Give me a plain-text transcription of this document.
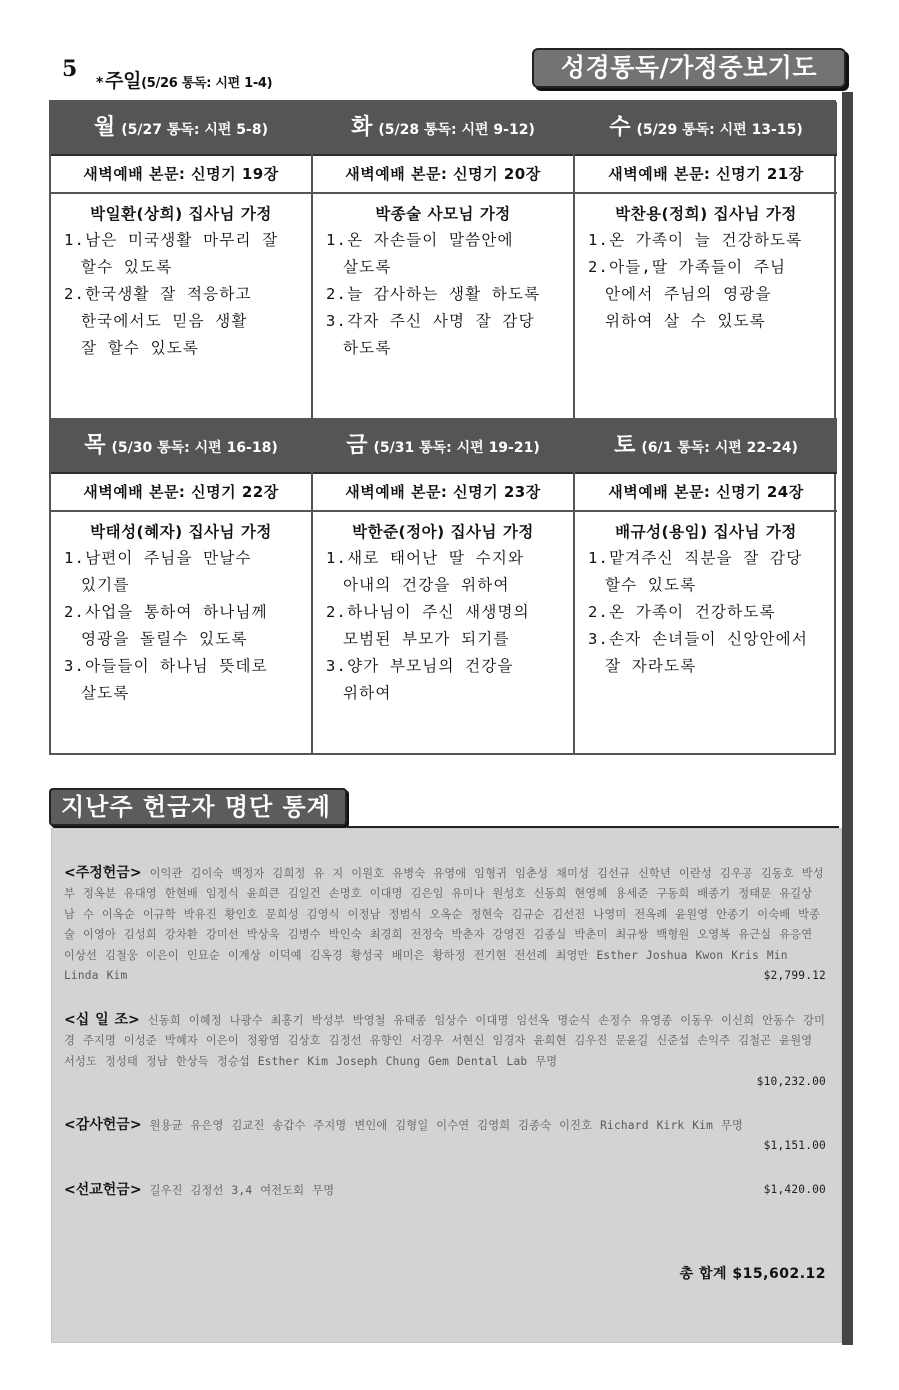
5
* 주일(5/26 통독: 시편 1-4)
성경통독/가정중보기도
월 (5/27 통독: 시편 5-8)
새벽예배 본문: 신명기 19장
박일환(상희) 집사님 가정
1.남은 미국생활 마무리 잘
할수 있도록
2.한국생활 잘 적응하고
한국에서도 믿음 생활
잘 할수 있도록
화 (5/28 통독: 시편 9-12)
새벽예배 본문: 신명기 20장
박종술 사모님 가정
1.온 자손들이 말씀안에
살도록
2.늘 감사하는 생활 하도록
3.각자 주신 사명 잘 감당
하도록
수 (5/29 통독: 시편 13-15)
새벽예배 본문: 신명기 21장
박찬용(정희) 집사님 가정
1.온 가족이 늘 건강하도록
2.아들,딸 가족들이 주님
안에서 주님의 영광을
위하여 살 수 있도록
목 (5/30 통독: 시편 16-18)
새벽예배 본문: 신명기 22장
박태성(혜자) 집사님 가정
1.남편이 주님을 만날수
있기를
2.사업을 통하여 하나님께
영광을 돌릴수 있도록
3.아들들이 하나님 뜻데로
살도록
금 (5/31 통독: 시편 19-21)
새벽예배 본문: 신명기 23장
박한준(정아) 집사님 가정
1.새로 태어난 딸 수지와
아내의 건강을 위하여
2.하나님이 주신 새생명의
모범된 부모가 되기를
3.양가 부모님의 건강을
위하여
토 (6/1 통독: 시편 22-24)
새벽예배 본문: 신명기 24장
배규성(용임) 집사님 가정
1.맡겨주신 직분을 잘 감당
할수 있도록
2.온 가족이 건강하도록
3.손자 손녀들이 신앙안에서
잘 자라도록
지난주 헌금자 명단 통계
<주정헌금> 이익관 김이숙 백정자 김희정 유 지 이원호 유병숙 유영애 임형귀 임춘성 채미성 김선규 신학년 이란성 김우공 김동호 박성부 정옥분 유대영 한현배 임정식 윤희큰 김일건 손명호 이대명 김은임 유미나 원성호 신동희 현영혜 용세준 구동희 배종기 정태문 유길상 남 수 이옥순 이규학 박유진 황인호 문희성 김영식 이정남 정범식 오옥순 정현숙 김규순 김선전 나영미 전옥례 윤원영 안종기 이숙배 박종술 이영아 김성희 강차환 강미선 박상욱 김병수 박인숙 최경희 전정숙 박춘자 강영진 김종실 박춘미 최규쌍 백형원 오영복 유근실 유응연 이상선 김철웅 이은이 인묘순 이계상 이덕예 김옥경 황성국 배미은 황하정 전기현 전선례 최영만 Esther Joshua Kwon Kris Min Linda Kim	$2,799.12
<십 일 조> 신동희 이혜정 나광수 최홍기 박성부 박영철 유태종 임상수 이대명 임선옥 명순식 손정수 유영종 이동우 이신희 안동수 강미경 주지명 이성준 박혜자 이은이 정왕염 김상호 김정선 유향인 서경우 서현신 임경자 윤희현 김우진 문윤길 신준섭 손익주 김철곤 윤원영 서성도 정성태 정남 한상득 정승섭 Esther Kim Joseph Chung Gem Dental Lab 무명
$10,232.00
<감사헌금> 원용균 유은영 김교진 송갑수 주지명 변인애 김형일 이수연 김영희 김종숙 이진호 Richard Kirk Kim 무명
$1,151.00
<선교헌금> 길우진 김정선 3,4 여전도회 무명	$1,420.00
총 합계 $15,602.12
